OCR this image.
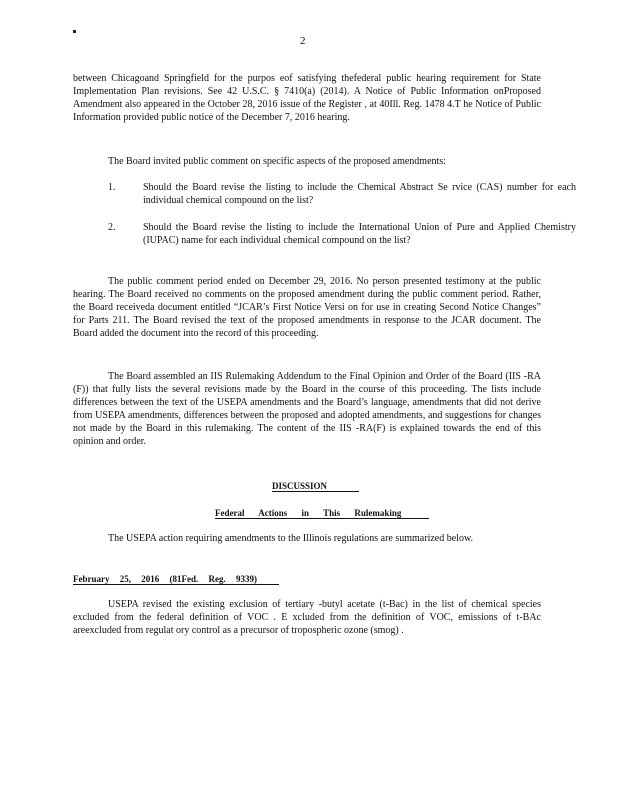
2
between Chicagoand Springfield for the purpos eof satisfying thefederal public hearing requirement for State Implementation Plan revisions. See 42 U.S.C. § 7410(a) (2014). A Notice of Public Information onProposed Amendment also appeared in the October 28, 2016 issue of the Register , at 40Ill. Reg. 1478 4.T he Notice of Public Information provided public notice of the December 7, 2016 hearing.
The Board invited public comment on specific aspects of the proposed amendments:
1.	Should the Board revise the listing to include the Chemical Abstract Se rvice (CAS) number for each individual chemical compound on the list?
2.	Should the Board revise the listing to include the International Union of Pure and Applied Chemistry (IUPAC) name for each individual chemical compound on the list?
The public comment period ended on December 29, 2016. No person presented testimony at the public hearing. The Board received no comments on the proposed amendment during the public comment period. Rather, the Board receiveda document entitled “JCAR’s First Notice Versi on for use in creating Second Notice Changes” for Parts 211. The Board revised the text of the proposed amendments in response to the JCAR document. The Board added the document into the record of this proceeding.
The Board assembled an IIS Rulemaking Addendum to the Final Opinion and Order of the Board (IIS -RA (F)) that fully lists the several revisions made by the Board in the course of this proceeding. The lists include differences between the text of the USEPA amendments and the Board’s language, amendments that did not derive from USEPA amendments, differences between the proposed and adopted amendments, and suggestions for changes not made by the Board in this rulemaking. The content of the IIS -RA(F) is explained towards the end of this opinion and order.
DISCUSSION
Federal Actions in This Rulemaking
The USEPA action requiring amendments to the Illinois regulations are summarized below.
February 25, 2016 (81Fed. Reg. 9339)
USEPA revised the existing exclusion of tertiary -butyl acetate (t-Bac) in the list of chemical species excluded from the federal definition of VOC . E xcluded from the definition of VOC, emissions of t-BAc areexcluded from regulat ory control as a precursor of tropospheric ozone (smog) .
